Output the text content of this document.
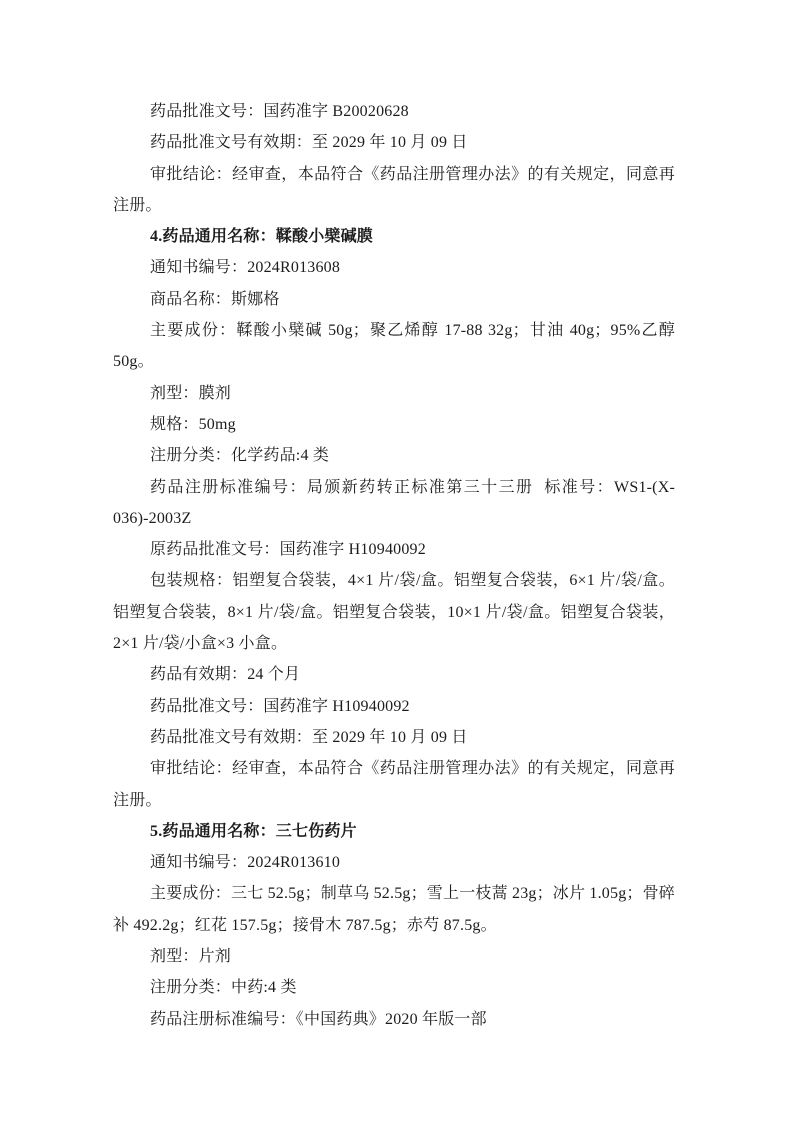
药品批准文号：国药准字 B20020628

药品批准文号有效期：至 2029 年 10 月 09 日

审批结论：经审查，本品符合《药品注册管理办法》的有关规定，同意再注册。

4.药品通用名称：鞣酸小檗碱膜

通知书编号：2024R013608

商品名称：斯娜格

主要成份：鞣酸小檗碱 50g；聚乙烯醇 17-88 32g；甘油 40g；95%乙醇 50g。

剂型：膜剂

规格：50mg

注册分类：化学药品:4 类

药品注册标准编号：局颁新药转正标准第三十三册  标准号：WS1-(X-036)-2003Z

原药品批准文号：国药准字 H10940092

包装规格：铝塑复合袋装，4×1 片/袋/盒。铝塑复合袋装，6×1 片/袋/盒。铝塑复合袋装，8×1 片/袋/盒。铝塑复合袋装，10×1 片/袋/盒。铝塑复合袋装，2×1 片/袋/小盒×3 小盒。

药品有效期：24 个月

药品批准文号：国药准字 H10940092

药品批准文号有效期：至 2029 年 10 月 09 日

审批结论：经审查，本品符合《药品注册管理办法》的有关规定，同意再注册。

5.药品通用名称：三七伤药片

通知书编号：2024R013610

主要成份：三七 52.5g；制草乌 52.5g；雪上一枝蒿 23g；冰片 1.05g；骨碎补 492.2g；红花 157.5g；接骨木 787.5g；赤芍 87.5g。

剂型：片剂

注册分类：中药:4 类

药品注册标准编号：《中国药典》2020 年版一部
